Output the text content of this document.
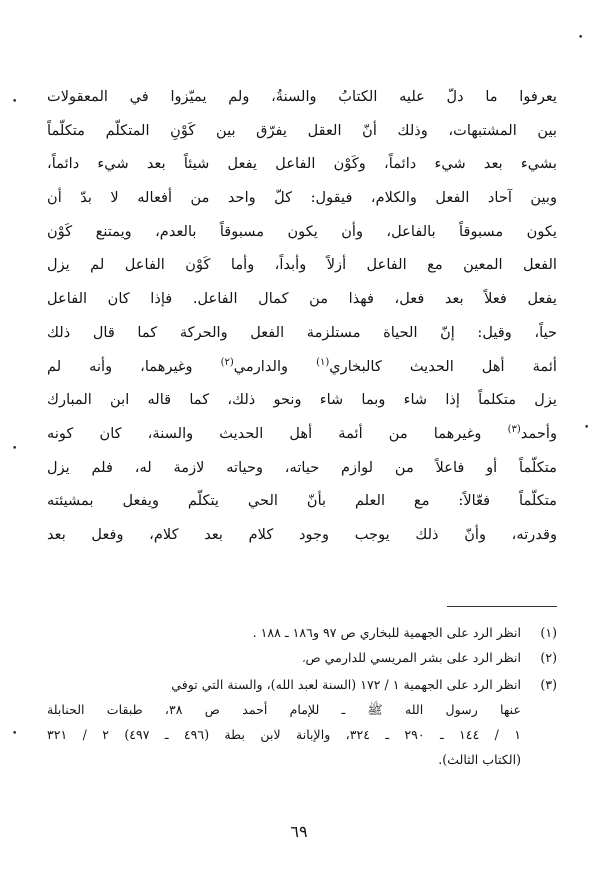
•
•
•
•
•
يعرفوا ما دلّ عليه الكتابُ والسنةُ، ولم يميّزوا في المعقولات
بين المشتبهات، وذلك أنّ العقل يفرّق بين كَوْنِ المتكلّم متكلّماً
بشيء بعد شيء دائماً، وكَوْن الفاعل يفعل شيئاً بعد شيء دائماً،
وبين آحاد الفعل والكلام، فيقول: كلّ واحد من أفعاله لا بدّ أن
يكون مسبوقاً بالفاعل، وأن يكون مسبوقاً بالعدم، ويمتنع كَوْن
الفعل المعين مع الفاعل أزلاً وأبداً، وأما كَوْن الفاعل لم يزل
يفعل فعلاً بعد فعل، فهذا من كمال الفاعل. فإذا كان الفاعل
حياً، وقيل: إنّ الحياة مستلزمة الفعل والحركة كما قال ذلك
أئمة أهل الحديث كالبخاري$^{(١)}$ والدارمي$^{(٢)}$ وغيرهما، وأنه لم
يزل متكلماً إذا شاء وبما شاء ونحو ذلك، كما قاله ابن المبارك
وأحمد$^{(٣)}$ وغيرهما من أئمة أهل الحديث والسنة، كان كونه
متكلّماً أو فاعلاً من لوازم حياته، وحياته لازمة له، فلم يزل
متكلّماً فعّالاً: مع العلم بأنّ الحي يتكلّم ويفعل بمشيئته
وقدرته، وأنّ ذلك يوجب وجود كلام بعد كلام، وفعل بعد
(١)
انظر الرد على الجهمية للبخاري ص ٩٧ و١٨٦ ـ ١٨٨ .
(٢)
انظر الرد على بشر المريسي للدارمي ص،
(٣)
انظر الرد على الجهمية ١ / ١٧٢ (السنة لعبد الله)، والسنة التي توفي
عنها رسول الله ﷺ ـ للإمام أحمد ص ٣٨، طبقات الحنابلة
١ / ١٤٤ ـ ٢٩٠ ـ ٣٢٤، والإبانة لابن بطة (٤٩٦ ـ ٤٩٧) ٢ / ٣٢١
(الكتاب الثالث).
٦٩
